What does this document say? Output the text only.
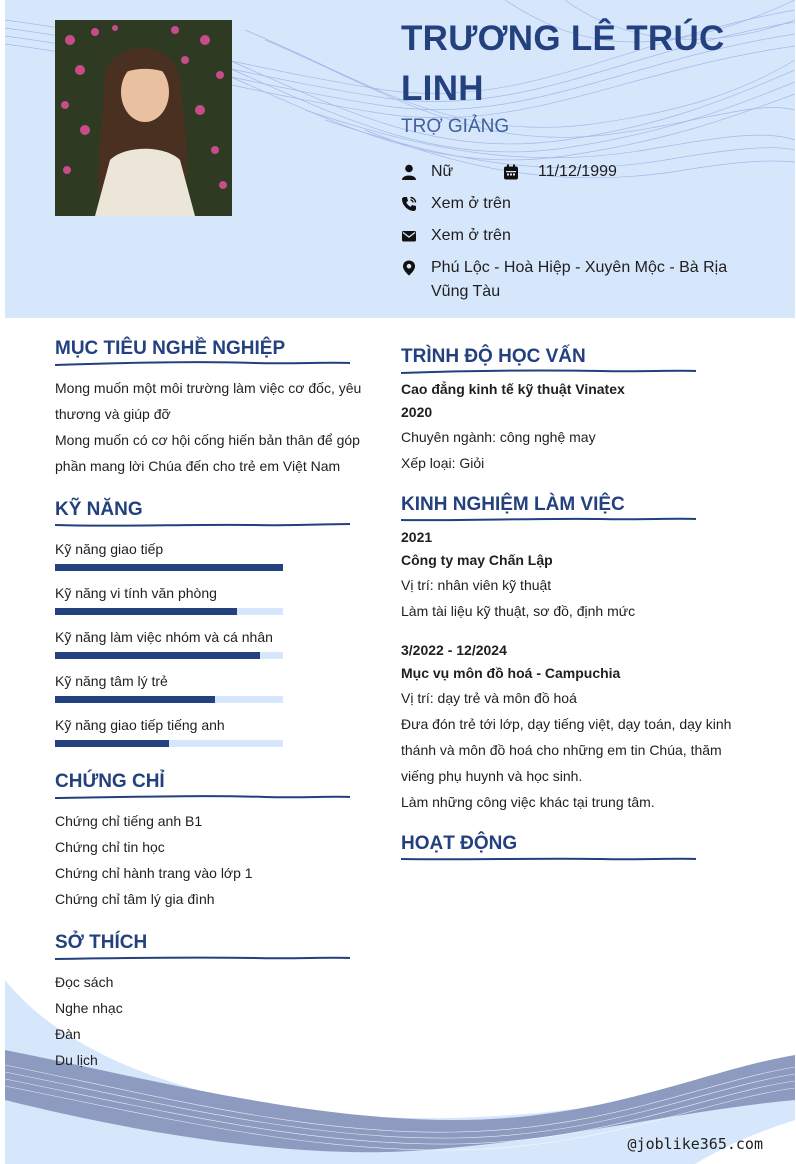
TRƯƠNG LÊ TRÚC LINH
TRỢ GIẢNG
Nữ	11/12/1999
Xem ở trên
Xem ở trên
Phú Lộc - Hoà Hiệp - Xuyên Mộc - Bà Rịa Vũng Tàu
MỤC TIÊU NGHỀ NGHIỆP

Mong muốn một môi trường làm việc cơ đốc, yêu thương và giúp đỡ

Mong muốn có cơ hội cống hiến bản thân để góp phần mang lời Chúa đến cho trẻ em Việt Nam

KỸ NĂNG
Kỹ năng giao tiếp
Kỹ năng vi tính văn phòng
Kỹ năng làm việc nhóm và cá nhân
Kỹ năng tâm lý trẻ
Kỹ năng giao tiếp tiếng anh
CHỨNG CHỈ
Chứng chỉ tiếng anh B1
Chứng chỉ tin học
Chứng chỉ hành trang vào lớp 1
Chứng chỉ tâm lý gia đình
SỞ THÍCH
Đọc sách
Nghe nhạc
Đàn
Du lịch
TRÌNH ĐỘ HỌC VẤN
Cao đẳng kinh tế kỹ thuật Vinatex
2020

Chuyên ngành: công nghệ may

Xếp loại: Giỏi

KINH NGHIỆM LÀM VIỆC
2021
Công ty may Chấn Lập

Vị trí: nhân viên kỹ thuật

Làm tài liệu kỹ thuật, sơ đồ, định mức

3/2022 - 12/2024
Mục vụ môn đồ hoá - Campuchia

Vị trí: dạy trẻ và môn đồ hoá

Đưa đón trẻ tới lớp, dạy tiếng việt, dạy toán, dạy kinh thánh và môn đồ hoá cho những em tin Chúa, thăm viếng phụ huynh và học sinh.

Làm những công việc khác tại trung tâm.

HOẠT ĐỘNG
@joblike365.com
